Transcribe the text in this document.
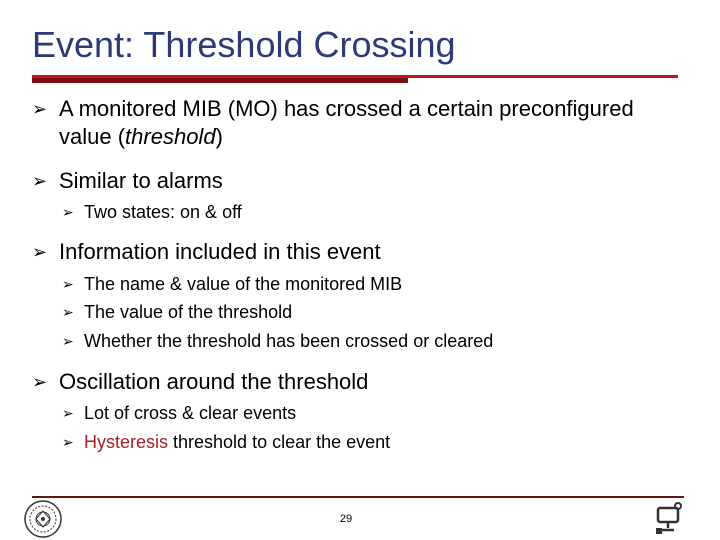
Event: Threshold Crossing
➢ A monitored MIB (MO) has crossed a certain preconfigured
value (threshold)
➢ Similar to alarms
➢ Two states: on & off
➢ Information included in this event
➢ The name & value of the monitored MIB
➢ The value of the threshold
➢ Whether the threshold has been crossed or cleared
➢ Oscillation around the threshold
➢ Lot of cross & clear events
➢ Hysteresis threshold to clear the event
29
